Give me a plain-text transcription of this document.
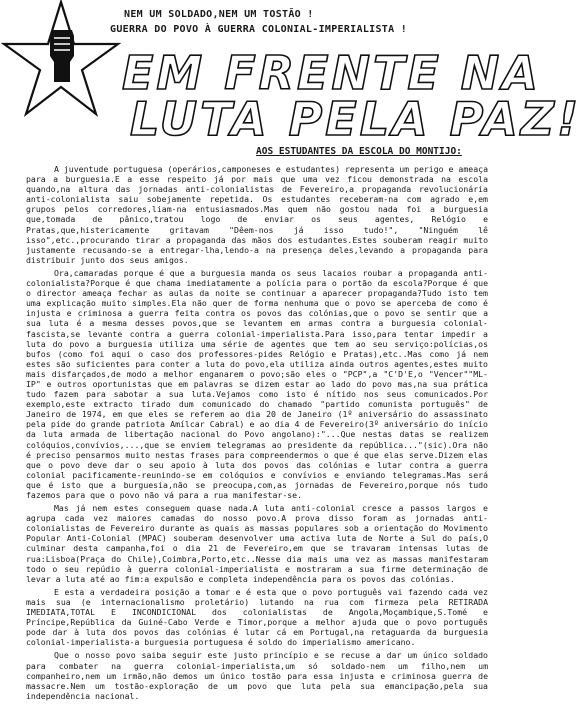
NEM UM SOLDADO,NEM UM TOSTÃO !
GUERRA DO POVO À GUERRA COLONIAL-IMPERIALISTA !
EM FRENTE NA
LUTA PELA PAZ!
AOS ESTUDANTES DA ESCOLA DO MONTIJO:

A juventude portuguesa (operários,camponeses e estudantes) representa um perigo e ameaça para a burguesia.E a esse respeito já por mais que uma vez ficou demonstrada na escola quando,na altura das jornadas anti-colonialistas de Fevereiro,a propaganda revolucionária anti-colonialista saiu sobejamente repetida. Os estudantes receberam-na com agrado e,em grupos pelos corredores,liam-na entusiasmados.Mas quem não gostou nada foi a burguesia que,tomada de pânico,tratou logo de enviar os seus agentes, Relógio e Pratas,que,histericamente gritavam "Dêem-nos já isso tudo!", "Ninguém lê isso",etc.,procurando tirar a propaganda das mãos dos estudantes.Estes souberam reagir muito justamente recusando-se a entregar-lha,lendo-a na presença deles,levando a propaganda para distribuir junto dos seus amigos.

Ora,camaradas porque é que a burguesia manda os seus lacaios roubar a propaganda anti-colonialista?Porque é que chama imediatamente a polícia para o portão da escola?Porque é que o director ameaça fechar as aulas da noite se continuar a aparecer propaganda?Tudo isto tem uma explicação muito simples.Ela não quer de forma nenhuma que o povo se aperceba de como é injusta e criminosa a guerra feita contra os povos das colónias,que o povo se sentir que a sua luta é a mesma desses povos,que se levantem em armas contra a burguesia colonial-fascista,se levante contra a guerra colonial-imperialista.Para isso,para tentar impedir a luta do povo a burguesia utiliza uma série de agentes que tem ao seu serviço:polícias,os bufos (como foi aqui o caso dos professores-pides Relógio e Pratas),etc..Mas como já nem estes são suficientes para conter a luta do povo,ela utiliza ainda outros agentes,estes muito mais disfarçados,de modo a melhor enganarem o povo;são eles o "PCP",a "C'D'E,o "Vencer""ML-IP" e outros oportunistas que em palavras se dizem estar ao lado do povo mas,na sua prática tudo fazem para sabotar a sua luta.Vejamos como isto é nítido nos seus comunicados.Por exemplo,este extracto tirado dum comunicado do chamado "partido comunista português" de Janeiro de 1974, em que eles se referem ao dia 20 de Janeiro (1º aniversário do assassinato pela pide do grande patriota Amílcar Cabral) e ao dia 4 de Fevereiro(3º aniversário do início da luta armada de libertação nacional do Povo angolano):"...Que nestas datas se realizem colóquios,convívios,...,que se enviem telegramas ao presidente da república..."(sic).Ora não é preciso pensarmos muito nestas frases para compreendermos o que é que elas serve.Dizem elas que o povo deve dar o seu apoio à luta dos povos das colónias e lutar contra a guerra colonial pacificamente-reunindo-se em colóquios e convívios e enviando telegramas.Mas será que é isto que a burguesia,não se preocupa,com,as jornadas de Fevereiro,porque nós tudo fazemos para que o povo não vá para a rua manifestar-se.

Mas já nem estes conseguem quase nada.A luta anti-colonial cresce a passos largos e agrupa cada vez maiores camadas do nosso povo.A prova disso foram as jornadas anti-colonialistas de Fevereiro durante as quais as massas populares sob a orientação do Movimento Popular Anti-Colonial (MPAC) souberam desenvolver uma activa luta de Norte a Sul do país,O culminar desta campanha,foi o dia 21 de Fevereiro,em que se travaram intensas lutas de rua:Lisboa(Praça do Chile),Coimbra,Porto,etc..Nesse dia mais uma vez as massas manifestaram todo o seu repúdio à guerra colonial-imperialista e mostraram a sua firme determinação de levar a luta até ao fim:a expulsão e completa independência para os povos das colónias.

E esta a verdadeira posição a tomar e é esta que o povo português vai fazendo cada vez mais sua (e internacionalismo proletário) lutando na rua com firmeza pela RETIRADA IMEDIATA,TOTAL E INCONDICIONAL dos colonialistas de Angola,Moçambique,S.Tomé e Príncipe,República da Guiné-Cabo Verde e Timor,porque a melhor ajuda que o povo português pode dar à luta dos povos das colónias é lutar cá em Portugal,na retaguarda da burguesia colonial-imperialista-a burguesia portuguesa é soldo do imperialismo americano.

Que o nosso povo saiba seguir este justo princípio e se recuse a dar um único soldado para combater na guerra colonial-imperialista,um só soldado-nem um filho,nem um companheiro,nem um irmão,não demos um único tostão para essa injusta e criminosa guerra de massacre.Nem um tostão-exploração de um povo que luta pela sua emancipação,pela sua independência nacional.
